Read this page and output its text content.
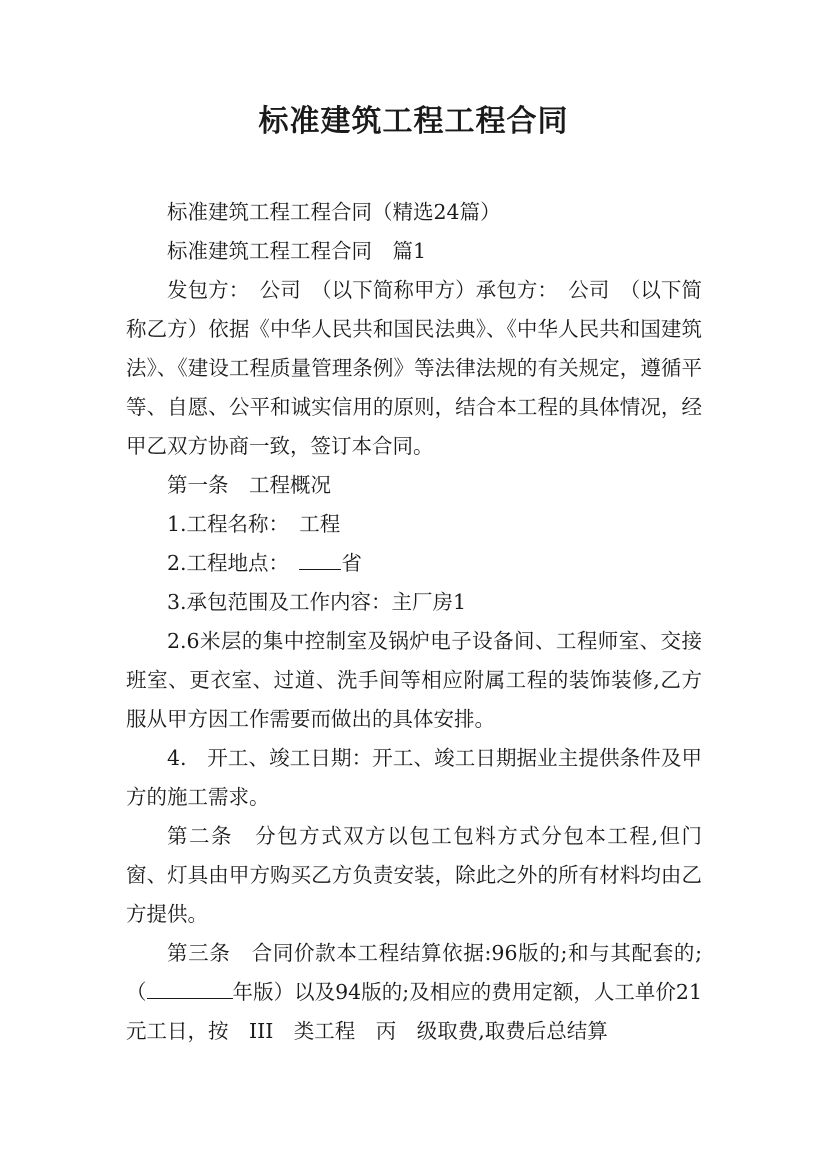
标准建筑工程工程合同

标准建筑工程工程合同（精选24篇）

标准建筑工程工程合同　篇1

发包方：　公司　（以下简称甲方）承包方：　公司　（以下简称乙方）依据《中华人民共和国民法典》、《中华人民共和国建筑法》、《建设工程质量管理条例》等法律法规的有关规定，遵循平等、自愿、公平和诚实信用的原则，结合本工程的具体情况，经甲乙双方协商一致，签订本合同。

第一条　工程概况

1.工程名称：　工程

2.工程地点：　省

3.承包范围及工作内容：主厂房1

2.6米层的集中控制室及锅炉电子设备间、工程师室、交接班室、更衣室、过道、洗手间等相应附属工程的装饰装修,乙方服从甲方因工作需要而做出的具体安排。

4.　开工、竣工日期：开工、竣工日期据业主提供条件及甲方的施工需求。

第二条　分包方式双方以包工包料方式分包本工程,但门窗、灯具由甲方购买乙方负责安装，除此之外的所有材料均由乙方提供。

第三条　合同价款本工程结算依据:96版的;和与其配套的;（	年版）以及94版的;及相应的费用定额，人工单价21元工日，按　III　类工程　丙　级取费,取费后总结算
